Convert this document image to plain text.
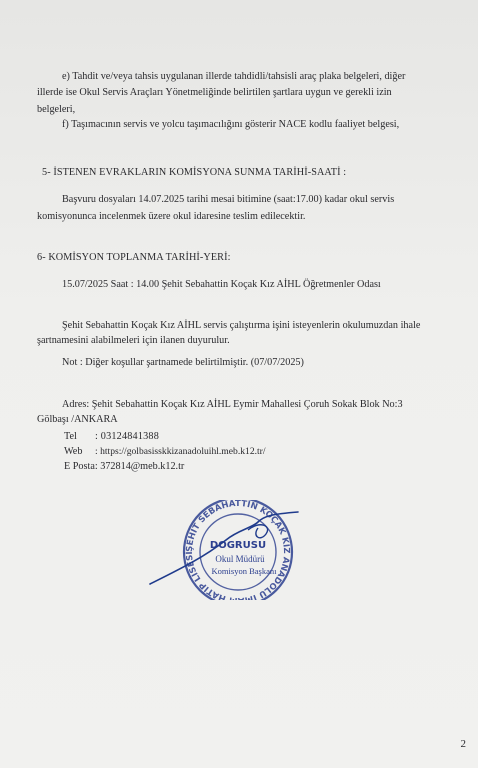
e) Tahdit ve/veya tahsis uygulanan illerde tahdidli/tahsisli araç plaka belgeleri, diğer
illerde ise Okul Servis Araçları Yönetmeliğinde belirtilen şartlara uygun ve gerekli izin
belgeleri,
f) Taşımacının servis ve yolcu taşımacılığını gösterir NACE kodlu faaliyet belgesi,
5- İSTENEN EVRAKLARIN KOMİSYONA SUNMA TARİHİ-SAATİ :
Başvuru dosyaları 14.07.2025 tarihi mesai bitimine (saat:17.00) kadar okul servis
komisyonunca incelenmek üzere okul idaresine teslim edilecektir.
6- KOMİSYON TOPLANMA TARİHİ-YERİ:
15.07/2025 Saat : 14.00 Şehit Sebahattin Koçak Kız AİHL Öğretmenler Odası
Şehit Sebahattin Koçak Kız AİHL servis çalıştırma işini isteyenlerin okulumuzdan ihale
şartnamesini alabilmeleri için ilanen duyurulur.
Not : Diğer koşullar şartnamede belirtilmiştir. (07/07/2025)
Adres: Şehit Sebahattin Koçak Kız AİHL Eymir Mahallesi Çoruh Sokak Blok No:3
Gölbaşı /ANKARA
Tel : 03124841388
Web : https://golbasisskkizanadoluihl.meb.k12.tr/
E Posta: 372814@meb.k12.tr
ŞEHİT SEBAHATTİN KOÇAK KIZ ANADOLU İMAM HATİP LİSESİ
DOGRUSU
Okul Müdürü
Komisyon Başkanı
2
